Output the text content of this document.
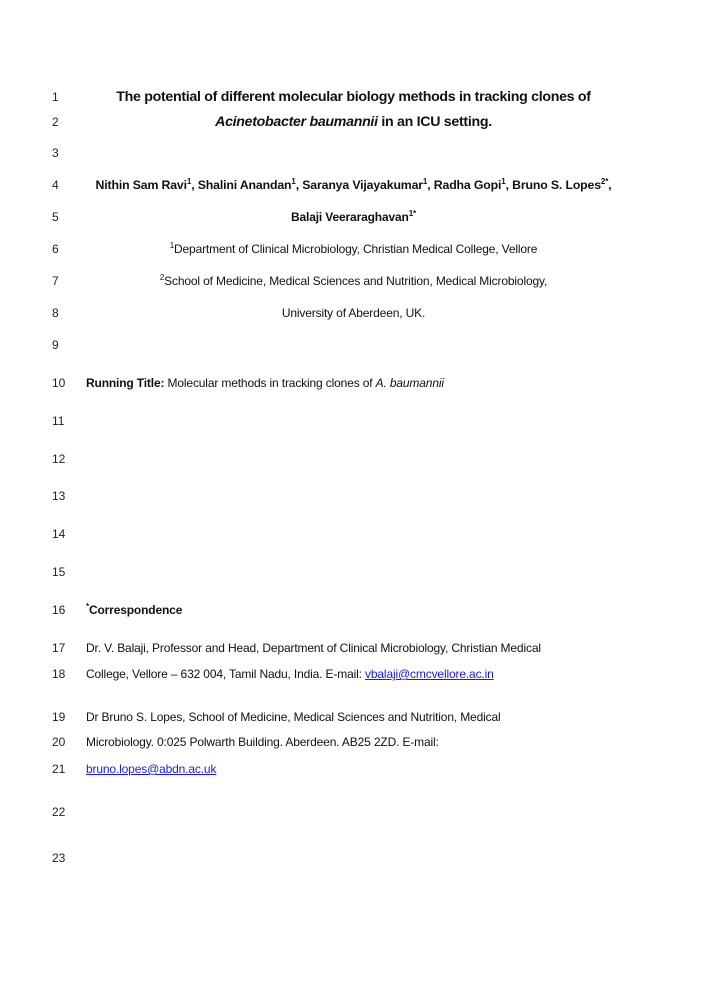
1
2
3
4
5
6
7
8
9
10
11
12
13
14
15
16
17
18
19
20
21
22
23
The potential of different molecular biology methods in tracking clones of
Acinetobacter baumannii in an ICU setting.
Nithin Sam Ravi$^1$, Shalini Anandan$^1$, Saranya Vijayakumar$^1$, Radha Gopi$^1$, Bruno S. Lopes$^{2*}$,
Balaji Veeraraghavan$^{1*}$
$^1$Department of Clinical Microbiology, Christian Medical College, Vellore
$^2$School of Medicine, Medical Sciences and Nutrition, Medical Microbiology,
University of Aberdeen, UK.
Running Title: Molecular methods in tracking clones of A. baumannii
*Correspondence
Dr. V. Balaji, Professor and Head, Department of Clinical Microbiology, Christian Medical
College, Vellore – 632 004, Tamil Nadu, India. E-mail: vbalaji@cmcvellore.ac.in
Dr Bruno S. Lopes, School of Medicine, Medical Sciences and Nutrition, Medical
Microbiology. 0:025 Polwarth Building. Aberdeen. AB25 2ZD. E-mail:
bruno.lopes@abdn.ac.uk
